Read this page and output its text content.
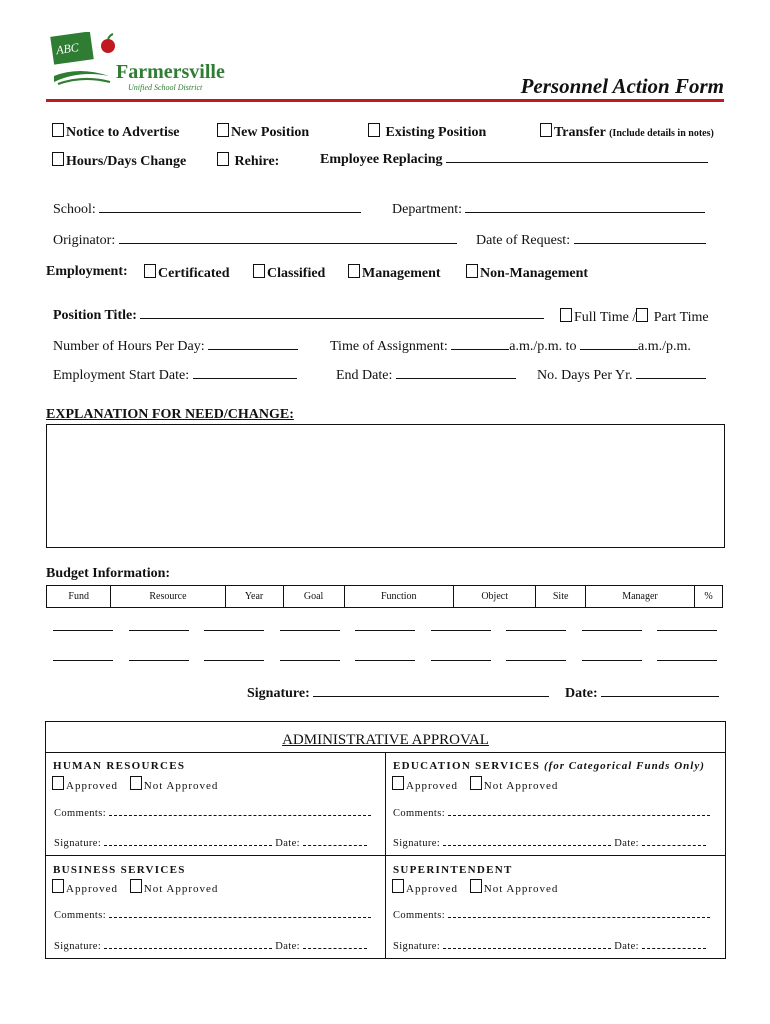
ABC
Farmersville
Unified School District	Personnel Action Form
Notice to Advertise	New Position	Existing Position	Transfer (Include details in notes)
Hours/Days Change	Rehire:	Employee Replacing
School:	Department:
Originator:	Date of Request:
Employment:	Certificated	Classified	Management	Non-Management
Position Title:	Full Time / Part Time
Number of Hours Per Day:	Time of Assignment:	a.m./p.m. to	a.m./p.m.
Employment Start Date:	End Date:	No. Days Per Yr.
EXPLANATION FOR NEED/CHANGE:
Budget Information:
Fund	Resource	Year	Goal	Function	Object	Site	Manager	%
Signature:	Date:
ADMINISTRATIVE APPROVAL
HUMAN RESOURCES
Approved Not Approved
Comments:
Signature:	Date:
EDUCATION SERVICES (for Categorical Funds Only)
Approved Not Approved
Comments:
Signature:	Date:
BUSINESS SERVICES
Approved Not Approved
Comments:
Signature:	Date:
SUPERINTENDENT
Approved Not Approved
Comments:
Signature:	Date:
